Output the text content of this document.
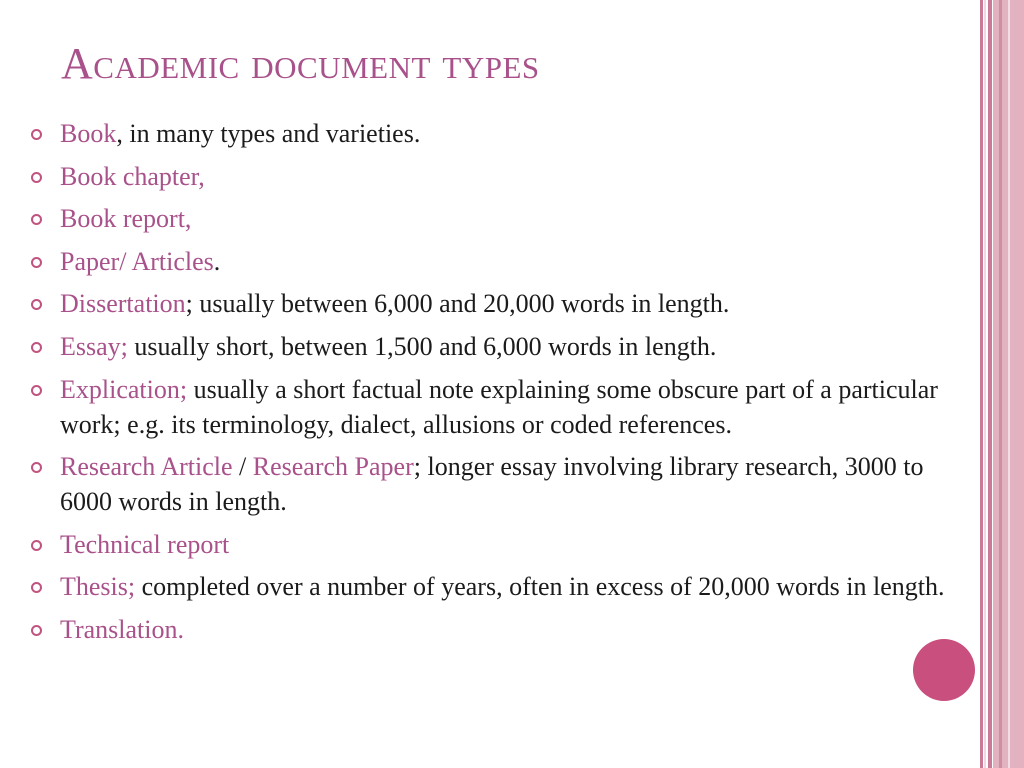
Academic document types
Book, in many types and varieties.
Book chapter,
Book report,
Paper/ Articles.
Dissertation; usually between 6,000 and 20,000 words in length.
Essay; usually short, between 1,500 and 6,000 words in length.
Explication; usually a short factual note explaining some obscure part of a particular work; e.g. its terminology, dialect, allusions or coded references.
Research Article / Research Paper; longer essay involving library research, 3000 to 6000 words in length.
Technical report
Thesis; completed over a number of years, often in excess of 20,000 words in length.
Translation.
